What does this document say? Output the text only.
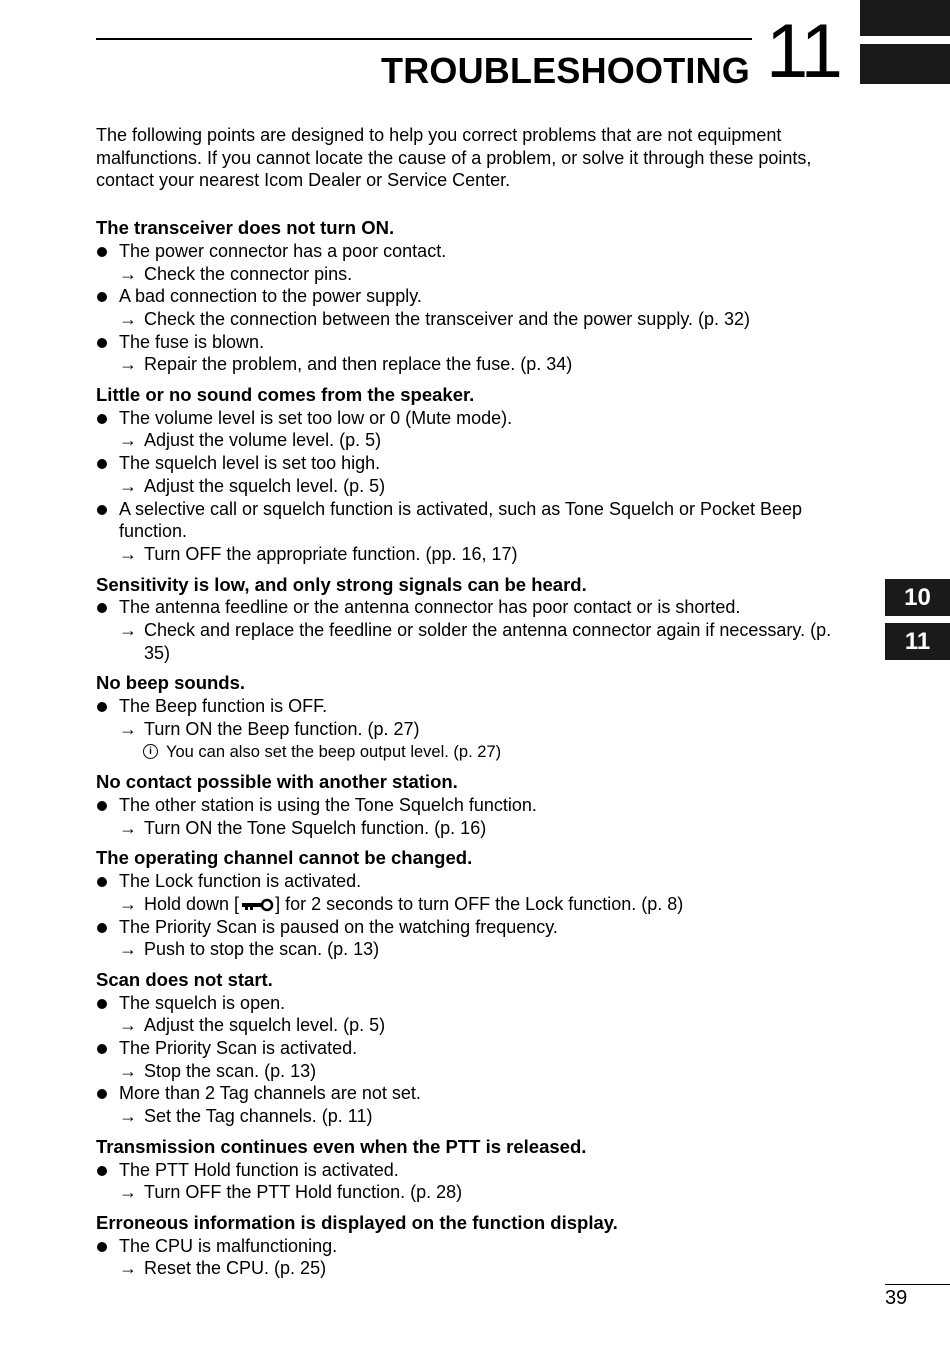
TROUBLESHOOTING 11

The following points are designed to help you correct problems that are not equipment malfunctions. If you cannot locate the cause of a problem, or solve it through these points, contact your nearest Icom Dealer or Service Center.

The transceiver does not turn ON.

The power connector has a poor contact.
→ Check the connector pins.
A bad connection to the power supply.
→ Check the connection between the transceiver and the power supply. (p. 32)
The fuse is blown.
→ Repair the problem, and then replace the fuse. (p. 34)

Little or no sound comes from the speaker.

The volume level is set too low or 0 (Mute mode).
→ Adjust the volume level. (p. 5)
The squelch level is set too high.
→ Adjust the squelch level. (p. 5)
A selective call or squelch function is activated, such as Tone Squelch or Pocket Beep function.
→ Turn OFF the appropriate function. (pp. 16, 17)

Sensitivity is low, and only strong signals can be heard.

The antenna feedline or the antenna connector has poor contact or is shorted.
→ Check and replace the feedline or solder the antenna connector again if necessary. (p. 35)

No beep sounds.

The Beep function is OFF.
→ Turn ON the Beep function. (p. 27)
i You can also set the beep output level. (p. 27)

No contact possible with another station.

The other station is using the Tone Squelch function.
→ Turn ON the Tone Squelch function. (p. 16)

The operating channel cannot be changed.

The Lock function is activated.
→ Hold down [ ] for 2 seconds to turn OFF the Lock function. (p. 8)
The Priority Scan is paused on the watching frequency.
→ Push to stop the scan. (p. 13)

Scan does not start.

The squelch is open.
→ Adjust the squelch level. (p. 5)
The Priority Scan is activated.
→ Stop the scan. (p. 13)
More than 2 Tag channels are not set.
→ Set the Tag channels. (p. 11)

Transmission continues even when the PTT is released.

The PTT Hold function is activated.
→ Turn OFF the PTT Hold function. (p. 28)

Erroneous information is displayed on the function display.

The CPU is malfunctioning.
→ Reset the CPU. (p. 25)
10
11
39
